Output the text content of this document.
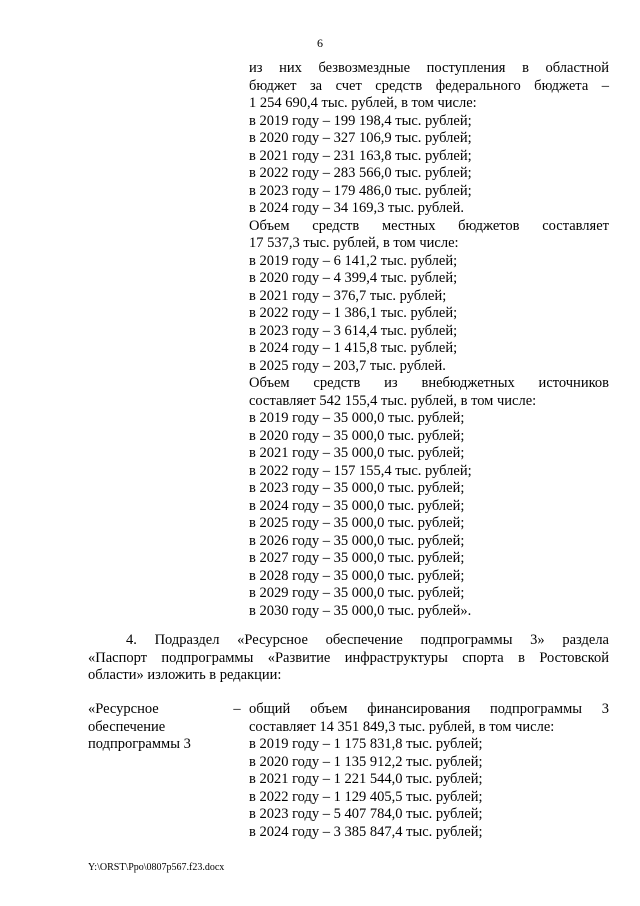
6
из них безвозмездные поступления в областной
бюджет за счет средств федерального бюджета –
1 254 690,4 тыс. рублей, в том числе:
в 2019 году – 199 198,4 тыс. рублей;
в 2020 году – 327 106,9 тыс. рублей;
в 2021 году – 231 163,8 тыс. рублей;
в 2022 году – 283 566,0 тыс. рублей;
в 2023 году – 179 486,0 тыс. рублей;
в 2024 году – 34 169,3 тыс. рублей.
Объем средств местных бюджетов составляет
17 537,3 тыс. рублей, в том числе:
в 2019 году – 6 141,2 тыс. рублей;
в 2020 году – 4 399,4 тыс. рублей;
в 2021 году – 376,7 тыс. рублей;
в 2022 году – 1 386,1 тыс. рублей;
в 2023 году – 3 614,4 тыс. рублей;
в 2024 году – 1 415,8 тыс. рублей;
в 2025 году – 203,7 тыс. рублей.
Объем средств из внебюджетных источников
составляет 542 155,4 тыс. рублей, в том числе:
в 2019 году – 35 000,0 тыс. рублей;
в 2020 году – 35 000,0 тыс. рублей;
в 2021 году – 35 000,0 тыс. рублей;
в 2022 году – 157 155,4 тыс. рублей;
в 2023 году – 35 000,0 тыс. рублей;
в 2024 году – 35 000,0 тыс. рублей;
в 2025 году – 35 000,0 тыс. рублей;
в 2026 году – 35 000,0 тыс. рублей;
в 2027 году – 35 000,0 тыс. рублей;
в 2028 году – 35 000,0 тыс. рублей;
в 2029 году – 35 000,0 тыс. рублей;
в 2030 году – 35 000,0 тыс. рублей».
4. Подраздел «Ресурсное обеспечение подпрограммы 3» раздела
«Паспорт подпрограммы «Развитие инфраструктуры спорта в Ростовской
области» изложить в редакции:
«Ресурсное
обеспечение
подпрограммы 3
– общий объем финансирования подпрограммы 3
составляет 14 351 849,3 тыс. рублей, в том числе:
в 2019 году – 1 175 831,8 тыс. рублей;
в 2020 году – 1 135 912,2 тыс. рублей;
в 2021 году – 1 221 544,0 тыс. рублей;
в 2022 году – 1 129 405,5 тыс. рублей;
в 2023 году – 5 407 784,0 тыс. рублей;
в 2024 году – 3 385 847,4 тыс. рублей;
Y:\ORST\Ppo\0807p567.f23.docx
